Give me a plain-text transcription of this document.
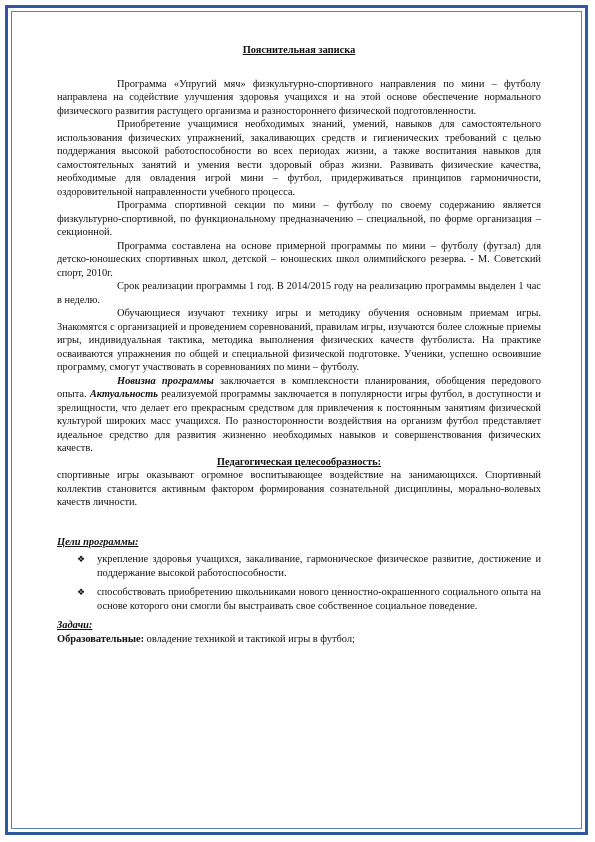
Пояснительная записка

Программа «Упругий мяч» физкультурно-спортивного направления по мини – футболу направлена на содействие улучшения здоровья учащихся и на этой основе обеспечение нормального физического развития растущего организма и разностороннего физической подготовленности.

Приобретение учащимися необходимых знаний, умений, навыков для самостоятельного использования физических упражнений, закаливающих средств и гигиенических требований с целью поддержания высокой работоспособности во всех периодах жизни, а также воспитания навыков для самостоятельных занятий и умения вести здоровый образ жизни. Развивать физические качества, необходимые для овладения игрой мини – футбол, придерживаться принципов гармоничности, оздоровительной направленности учебного процесса.

Программа спортивной секции по мини – футболу по своему содержанию является физкультурно-спортивной, по функциональному предназначению – специальной, по форме организация – секционной.

Программа составлена на основе примерной программы по мини – футболу (футзал) для детско-юношеских спортивных школ, детской – юношеских школ олимпийского резерва. - М. Советский спорт, 2010г.

Срок реализации программы 1 год. В 2014/2015 году на реализацию программы выделен 1 час в неделю.

Обучающиеся изучают технику игры и методику обучения основным приемам игры. Знакомятся с организацией и проведением соревнований, правилам игры, изучаются более сложные приемы игры, индивидуальная тактика, методика выполнения физических качеств футболиста. На практике осваиваются упражнения по общей и специальной физической подготовке. Ученики, успешно освоившие программу, смогут участвовать в соревнованиях по мини – футболу.

Новизна программы заключается в комплексности планирования, обобщения передового опыта. Актуальность реализуемой программы заключается в популярности игры футбол, в доступности и зрелищности, что делает его прекрасным средством для привлечения к постоянным занятиям физической культурой широких масс учащихся. По разносторонности воздействия на организм футбол представляет идеальное средство для развития жизненно необходимых навыков и совершенствования физических качеств.

Педагогическая целесообразность:

спортивные игры оказывают огромное воспитывающее воздействие на занимающихся. Спортивный коллектив становится активным фактором формирования сознательной дисциплины, морально-волевых качеств личности.

Цели программы:

❖ укрепление здоровья учащихся, закаливание, гармоническое физическое развитие, достижение и поддержание высокой работоспособности.
❖ способствовать приобретению школьниками нового ценностно-окрашенного социального опыта на основе которого они смогли бы выстраивать свое собственное социальное поведение.

Задачи:

Образовательные: овладение техникой и тактикой игры в футбол;
